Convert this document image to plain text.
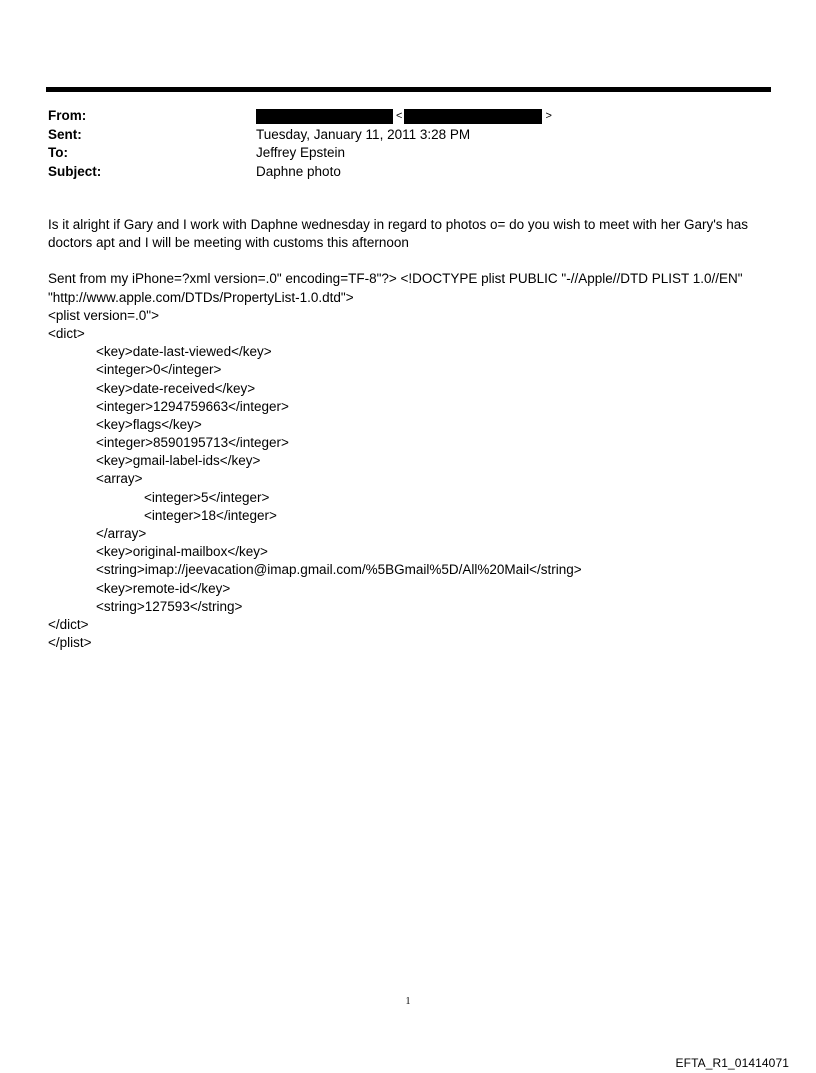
From:	<	>
Sent:	Tuesday, January 11, 2011 3:28 PM
To:	Jeffrey Epstein
Subject:	Daphne photo
Is it alright if Gary and I work with Daphne wednesday in regard to photos o= do you wish to meet with her Gary's has
doctors apt and I will be meeting with customs this afternoon
Sent from my iPhone=?xml version=.0" encoding=TF-8"?> <!DOCTYPE plist PUBLIC "-//Apple//DTD PLIST 1.0//EN"
"http://www.apple.com/DTDs/PropertyList-1.0.dtd">
<plist version=.0">
<dict>
<key>date-last-viewed</key>
<integer>0</integer>
<key>date-received</key>
<integer>1294759663</integer>
<key>flags</key>
<integer>8590195713</integer>
<key>gmail-label-ids</key>
<array>
<integer>5</integer>
<integer>18</integer>
</array>
<key>original-mailbox</key>
<string>imap://jeevacation@imap.gmail.com/%5BGmail%5D/All%20Mail</string>
<key>remote-id</key>
<string>127593</string>
</dict>
</plist>
1
EFTA_R1_01414071
